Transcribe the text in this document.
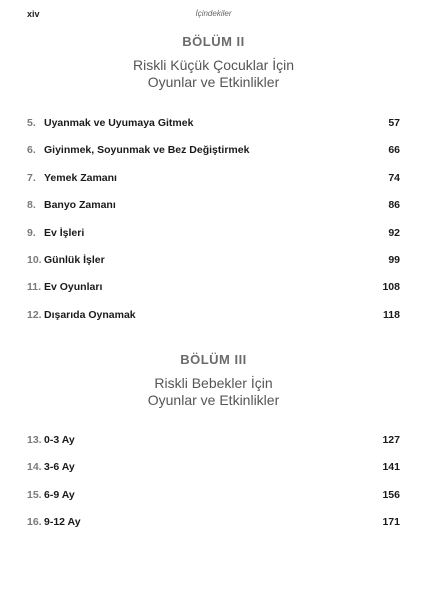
xiv	İçindekiler
BÖLÜM II
Riskli Küçük Çocuklar İçin
Oyunlar ve Etkinlikler
5. Uyanmak ve Uyumaya Gitmek	57
6. Giyinmek, Soyunmak ve Bez Değiştirmek	66
7. Yemek Zamanı	74
8. Banyo Zamanı	86
9. Ev İşleri	92
10. Günlük İşler	99
11. Ev Oyunları	108
12. Dışarıda Oynamak	118
BÖLÜM III
Riskli Bebekler İçin
Oyunlar ve Etkinlikler
13. 0-3 Ay	127
14. 3-6 Ay	141
15. 6-9 Ay	156
16. 9-12 Ay	171
